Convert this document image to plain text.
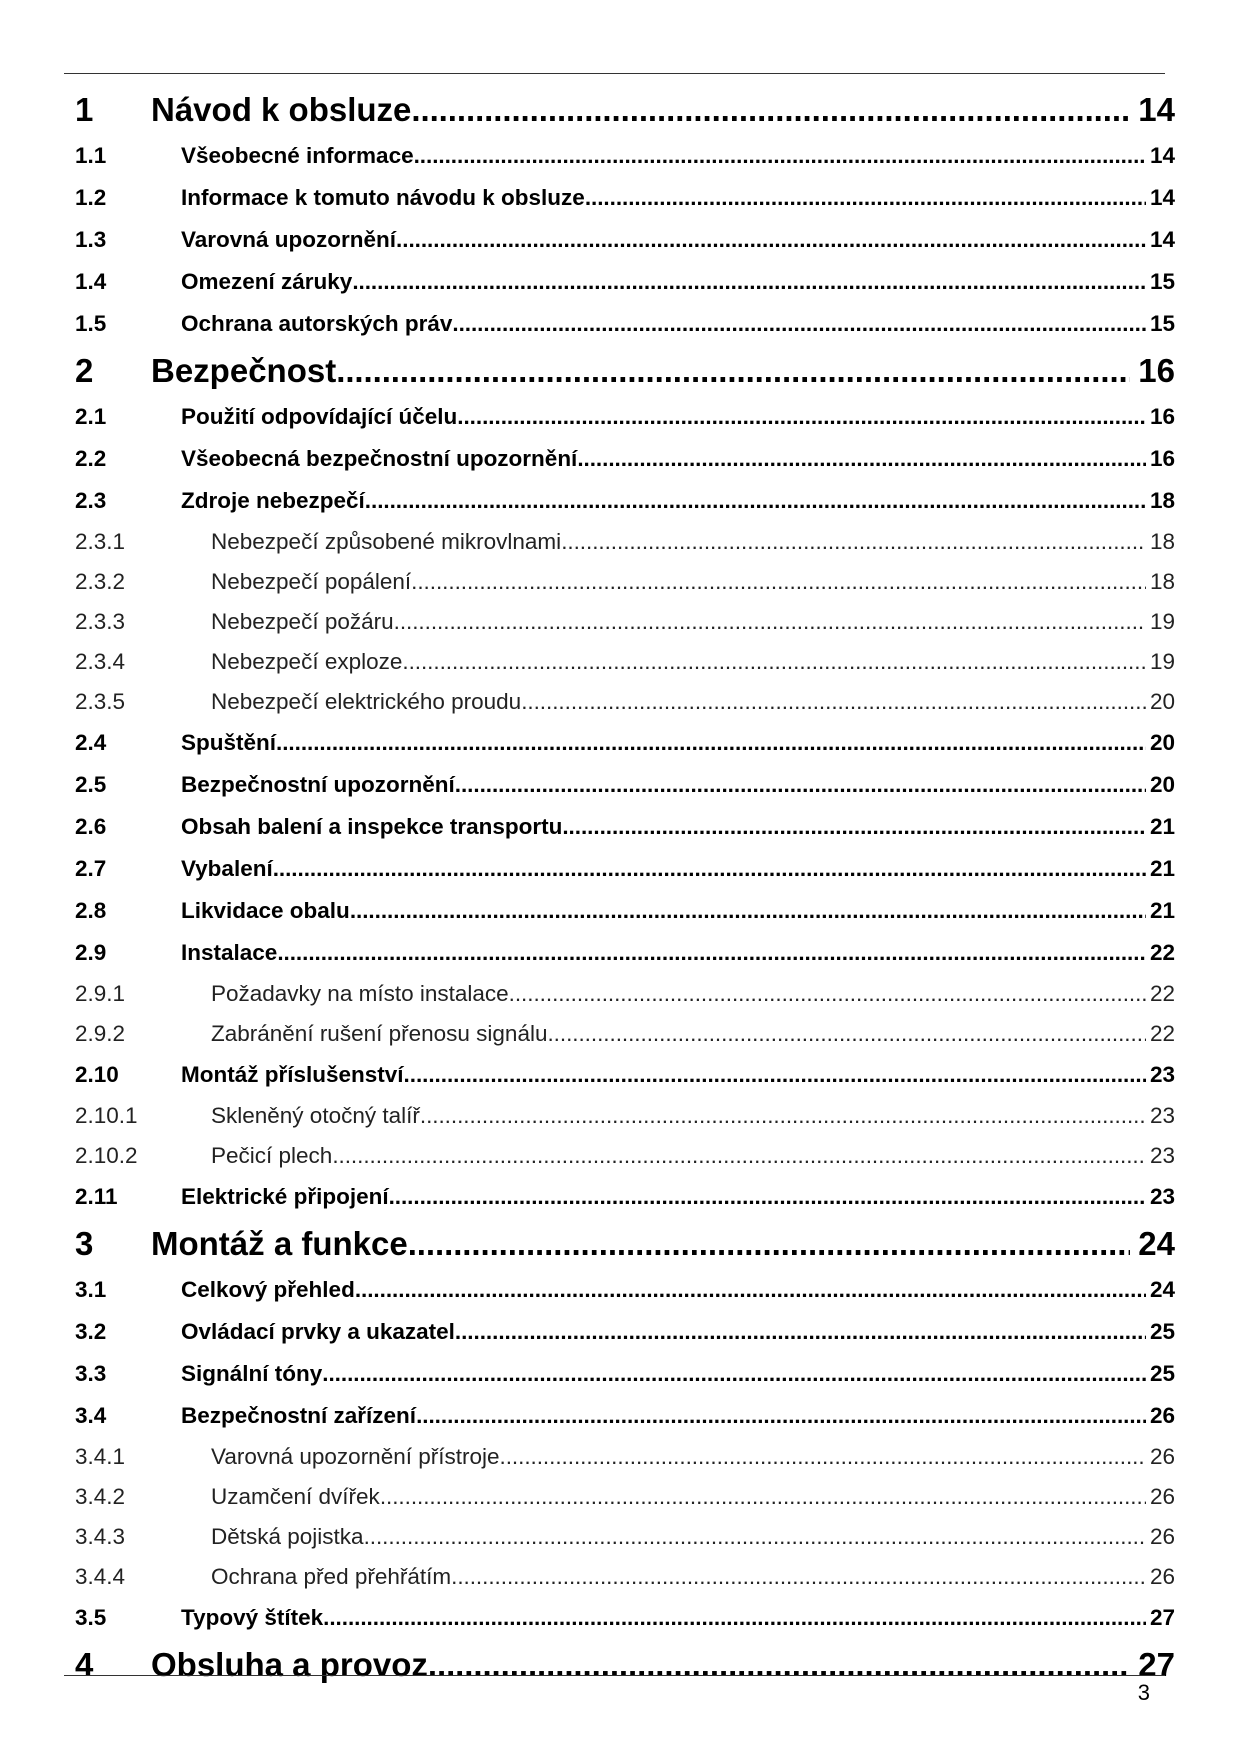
1	Návod k obsluze . . .	14
1.1	Všeobecné informace . . .	14
1.2	Informace k tomuto návodu k obsluze . . .	14
1.3	Varovná upozornění . . .	14
1.4	Omezení záruky . . .	15
1.5	Ochrana autorských práv . . .	15
2	Bezpečnost . . .	16
2.1	Použití odpovídající účelu . . .	16
2.2	Všeobecná bezpečnostní upozornění . . .	16
2.3	Zdroje nebezpečí . . .	18
2.3.1	Nebezpečí způsobené mikrovlnami . . .	18
2.3.2	Nebezpečí popálení . . .	18
2.3.3	Nebezpečí požáru . . .	19
2.3.4	Nebezpečí exploze . . .	19
2.3.5	Nebezpečí elektrického proudu . . .	20
2.4	Spuštění . . .	20
2.5	Bezpečnostní upozornění . . .	20
2.6	Obsah balení a inspekce transportu . . .	21
2.7	Vybalení . . .	21
2.8	Likvidace obalu . . .	21
2.9	Instalace . . .	22
2.9.1	Požadavky na místo instalace . . .	22
2.9.2	Zabránění rušení přenosu signálu . . .	22
2.10	Montáž příslušenství . . .	23
2.10.1	Skleněný otočný talíř . . .	23
2.10.2	Pečicí plech . . .	23
2.11	Elektrické připojení . . .	23
3	Montáž a funkce . . .	24
3.1	Celkový přehled . . .	24
3.2	Ovládací prvky a ukazatel . . .	25
3.3	Signální tóny . . .	25
3.4	Bezpečnostní zařízení . . .	26
3.4.1	Varovná upozornění přístroje . . .	26
3.4.2	Uzamčení dvířek . . .	26
3.4.3	Dětská pojistka . . .	26
3.4.4	Ochrana před přehřátím . . .	26
3.5	Typový štítek . . .	27
4	Obsluha a provoz . . .	27
3
